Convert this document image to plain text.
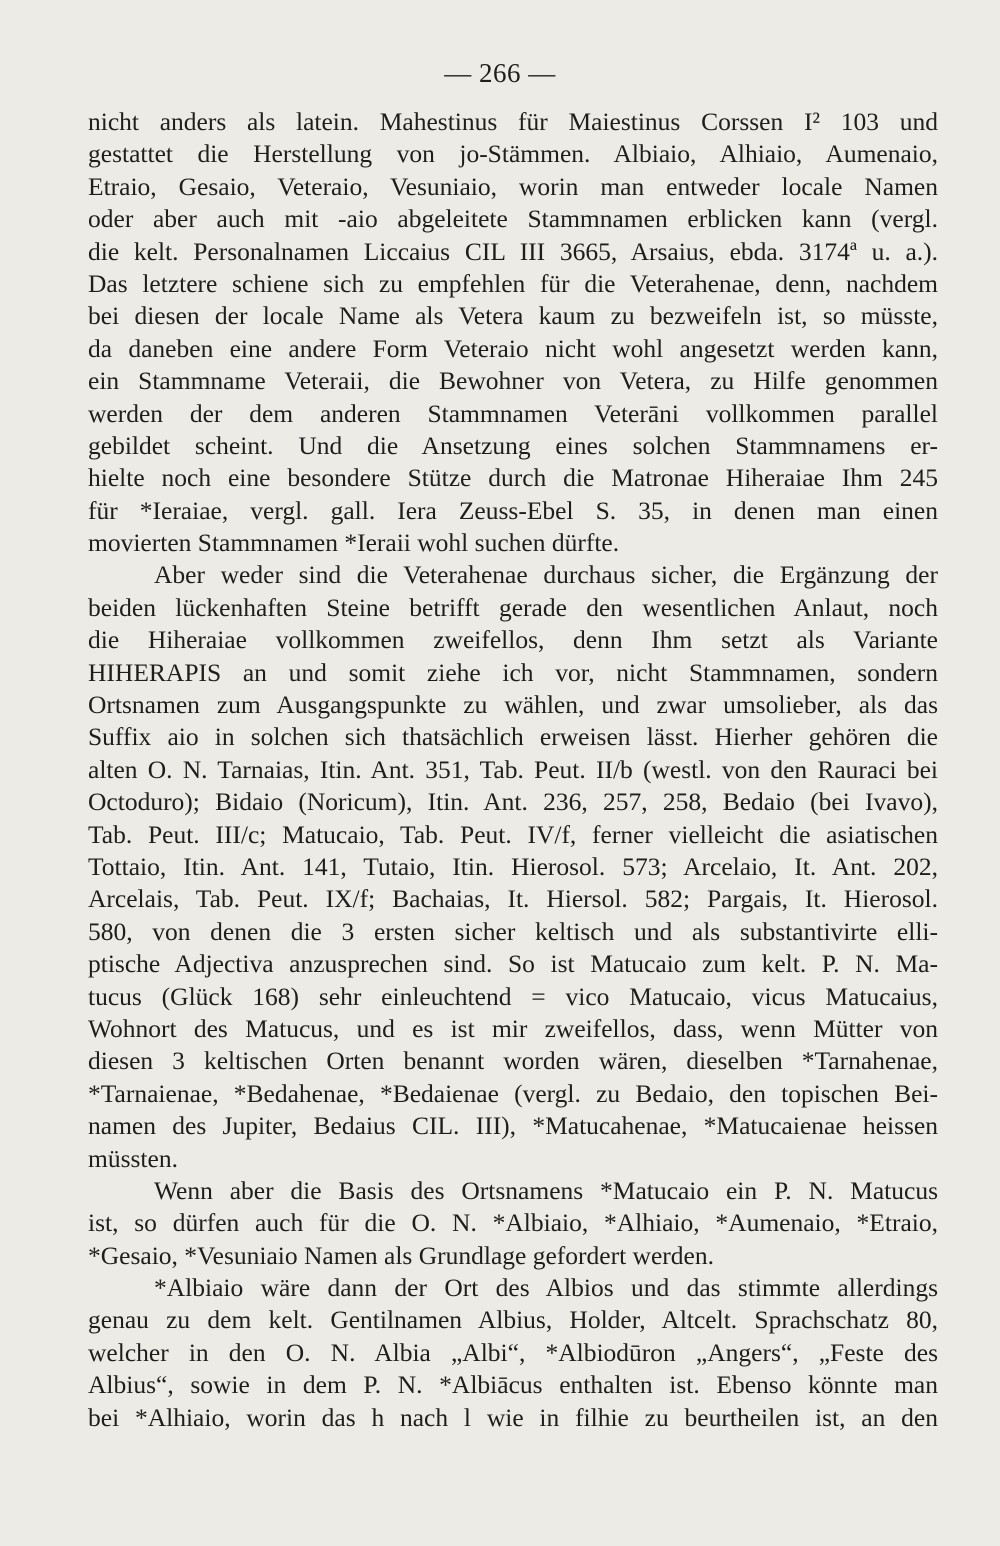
— 266 —
nicht anders als latein. Mahestinus für Maiestinus Corssen I² 103 und
gestattet die Herstellung von jo-Stämmen. Albiaio, Alhiaio, Aumenaio,
Etraio, Gesaio, Veteraio, Vesuniaio, worin man entweder locale Namen
oder aber auch mit -aio abgeleitete Stammnamen erblicken kann (vergl.
die kelt. Personalnamen Liccaius CIL III 3665, Arsaius, ebda. 3174ª u. a.).
Das letztere schiene sich zu empfehlen für die Veterahenae, denn, nachdem
bei diesen der locale Name als Vetera kaum zu bezweifeln ist, so müsste,
da daneben eine andere Form Veteraio nicht wohl angesetzt werden kann,
ein Stammname Veteraii, die Bewohner von Vetera, zu Hilfe genommen
werden der dem anderen Stammnamen Veterāni vollkommen parallel
gebildet scheint. Und die Ansetzung eines solchen Stammnamens er-
hielte noch eine besondere Stütze durch die Matronae Hiheraiae Ihm 245
für *Ieraiae, vergl. gall. Iera Zeuss-Ebel S. 35, in denen man einen
movierten Stammnamen *Ieraii wohl suchen dürfte.
Aber weder sind die Veterahenae durchaus sicher, die Ergänzung der
beiden lückenhaften Steine betrifft gerade den wesentlichen Anlaut, noch
die Hiheraiae vollkommen zweifellos, denn Ihm setzt als Variante
HIHERAPIS an und somit ziehe ich vor, nicht Stammnamen, sondern
Ortsnamen zum Ausgangspunkte zu wählen, und zwar umsolieber, als das
Suffix aio in solchen sich thatsächlich erweisen lässt. Hierher gehören die
alten O. N. Tarnaias, Itin. Ant. 351, Tab. Peut. II/b (westl. von den Rauraci bei
Octoduro); Bidaio (Noricum), Itin. Ant. 236, 257, 258, Bedaio (bei Ivavo),
Tab. Peut. III/c; Matucaio, Tab. Peut. IV/f, ferner vielleicht die asiatischen
Tottaio, Itin. Ant. 141, Tutaio, Itin. Hierosol. 573; Arcelaio, It. Ant. 202,
Arcelais, Tab. Peut. IX/f; Bachaias, It. Hiersol. 582; Pargais, It. Hierosol.
580, von denen die 3 ersten sicher keltisch und als substantivirte elli-
ptische Adjectiva anzusprechen sind. So ist Matucaio zum kelt. P. N. Ma-
tucus (Glück 168) sehr einleuchtend = vico Matucaio, vicus Matucaius,
Wohnort des Matucus, und es ist mir zweifellos, dass, wenn Mütter von
diesen 3 keltischen Orten benannt worden wären, dieselben *Tarnahenae,
*Tarnaienae, *Bedahenae, *Bedaienae (vergl. zu Bedaio, den topischen Bei-
namen des Jupiter, Bedaius CIL. III), *Matucahenae, *Matucaienae heissen
müssten.
Wenn aber die Basis des Ortsnamens *Matucaio ein P. N. Matucus
ist, so dürfen auch für die O. N. *Albiaio, *Alhiaio, *Aumenaio, *Etraio,
*Gesaio, *Vesuniaio Namen als Grundlage gefordert werden.
*Albiaio wäre dann der Ort des Albios und das stimmte allerdings
genau zu dem kelt. Gentilnamen Albius, Holder, Altcelt. Sprachschatz 80,
welcher in den O. N. Albia „Albi“, *Albiodūron „Angers“, „Feste des
Albius“, sowie in dem P. N. *Albiācus enthalten ist. Ebenso könnte man
bei *Alhiaio, worin das h nach l wie in filhie zu beurtheilen ist, an den
